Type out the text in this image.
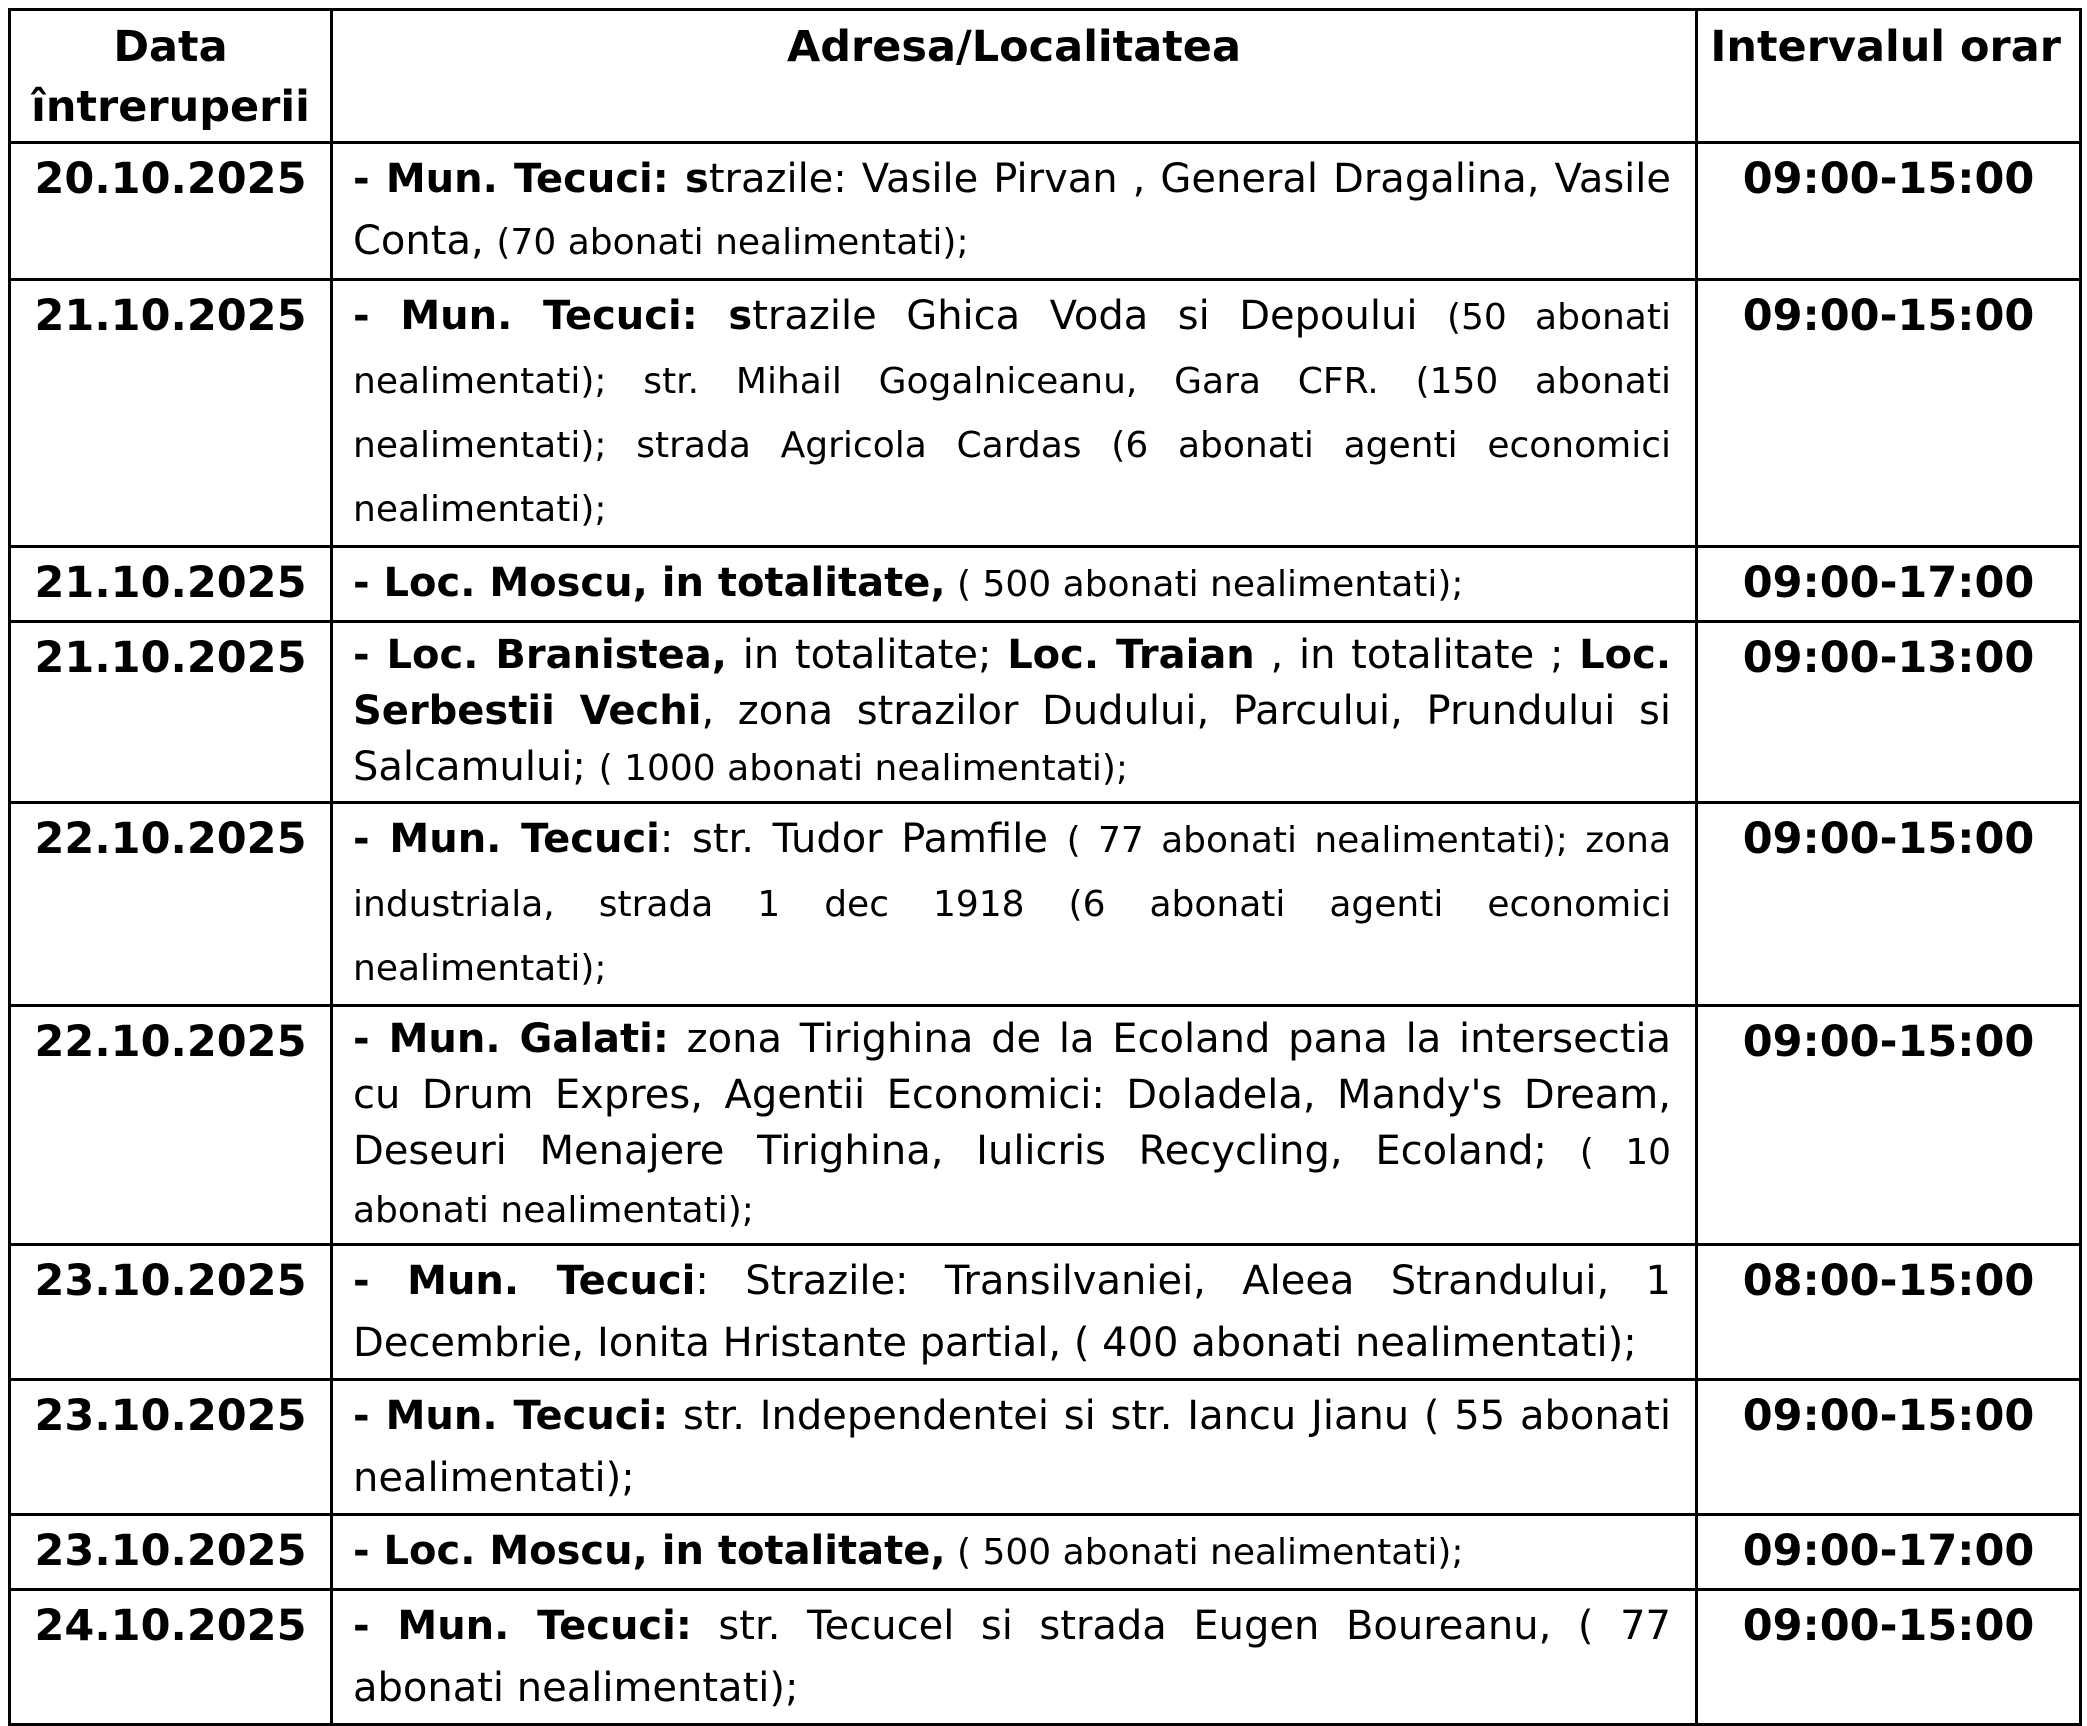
Data
întreruperii	Adresa/Localitatea	Intervalul orar
20.10.2025	- Mun. Tecuci: strazile: Vasile Pirvan , General Dragalina, Vasile Conta, (70 abonati nealimentati);	09:00-15:00
21.10.2025	- Mun. Tecuci: strazile Ghica Voda si Depoului (50 abonati nealimentati); str. Mihail Gogalniceanu, Gara CFR. (150 abonati nealimentati); strada Agricola Cardas (6 abonati agenti economici nealimentati);	09:00-15:00
21.10.2025	- Loc. Moscu, in totalitate, ( 500 abonati nealimentati);	09:00-17:00
21.10.2025	- Loc. Branistea, in totalitate; Loc. Traian , in totalitate ; Loc. Serbestii Vechi, zona strazilor Dudului, Parcului, Prundului si Salcamului; ( 1000 abonati nealimentati);	09:00-13:00
22.10.2025	- Mun. Tecuci: str. Tudor Pamfile ( 77 abonati nealimentati); zona industriala, strada 1 dec 1918 (6 abonati agenti economici nealimentati);	09:00-15:00
22.10.2025	- Mun. Galati: zona Tirighina de la Ecoland pana la intersectia cu Drum Expres, Agentii Economici: Doladela, Mandy's Dream, Deseuri Menajere Tirighina, Iulicris Recycling, Ecoland; ( 10 abonati nealimentati);	09:00-15:00
23.10.2025	- Mun. Tecuci: Strazile: Transilvaniei, Aleea Strandului, 1 Decembrie, Ionita Hristante partial, ( 400 abonati nealimentati);	08:00-15:00
23.10.2025	- Mun. Tecuci: str. Independentei si str. Iancu Jianu ( 55 abonati nealimentati);	09:00-15:00
23.10.2025	- Loc. Moscu, in totalitate, ( 500 abonati nealimentati);	09:00-17:00
24.10.2025	- Mun. Tecuci: str. Tecucel si strada Eugen Boureanu, ( 77 abonati nealimentati);	09:00-15:00
